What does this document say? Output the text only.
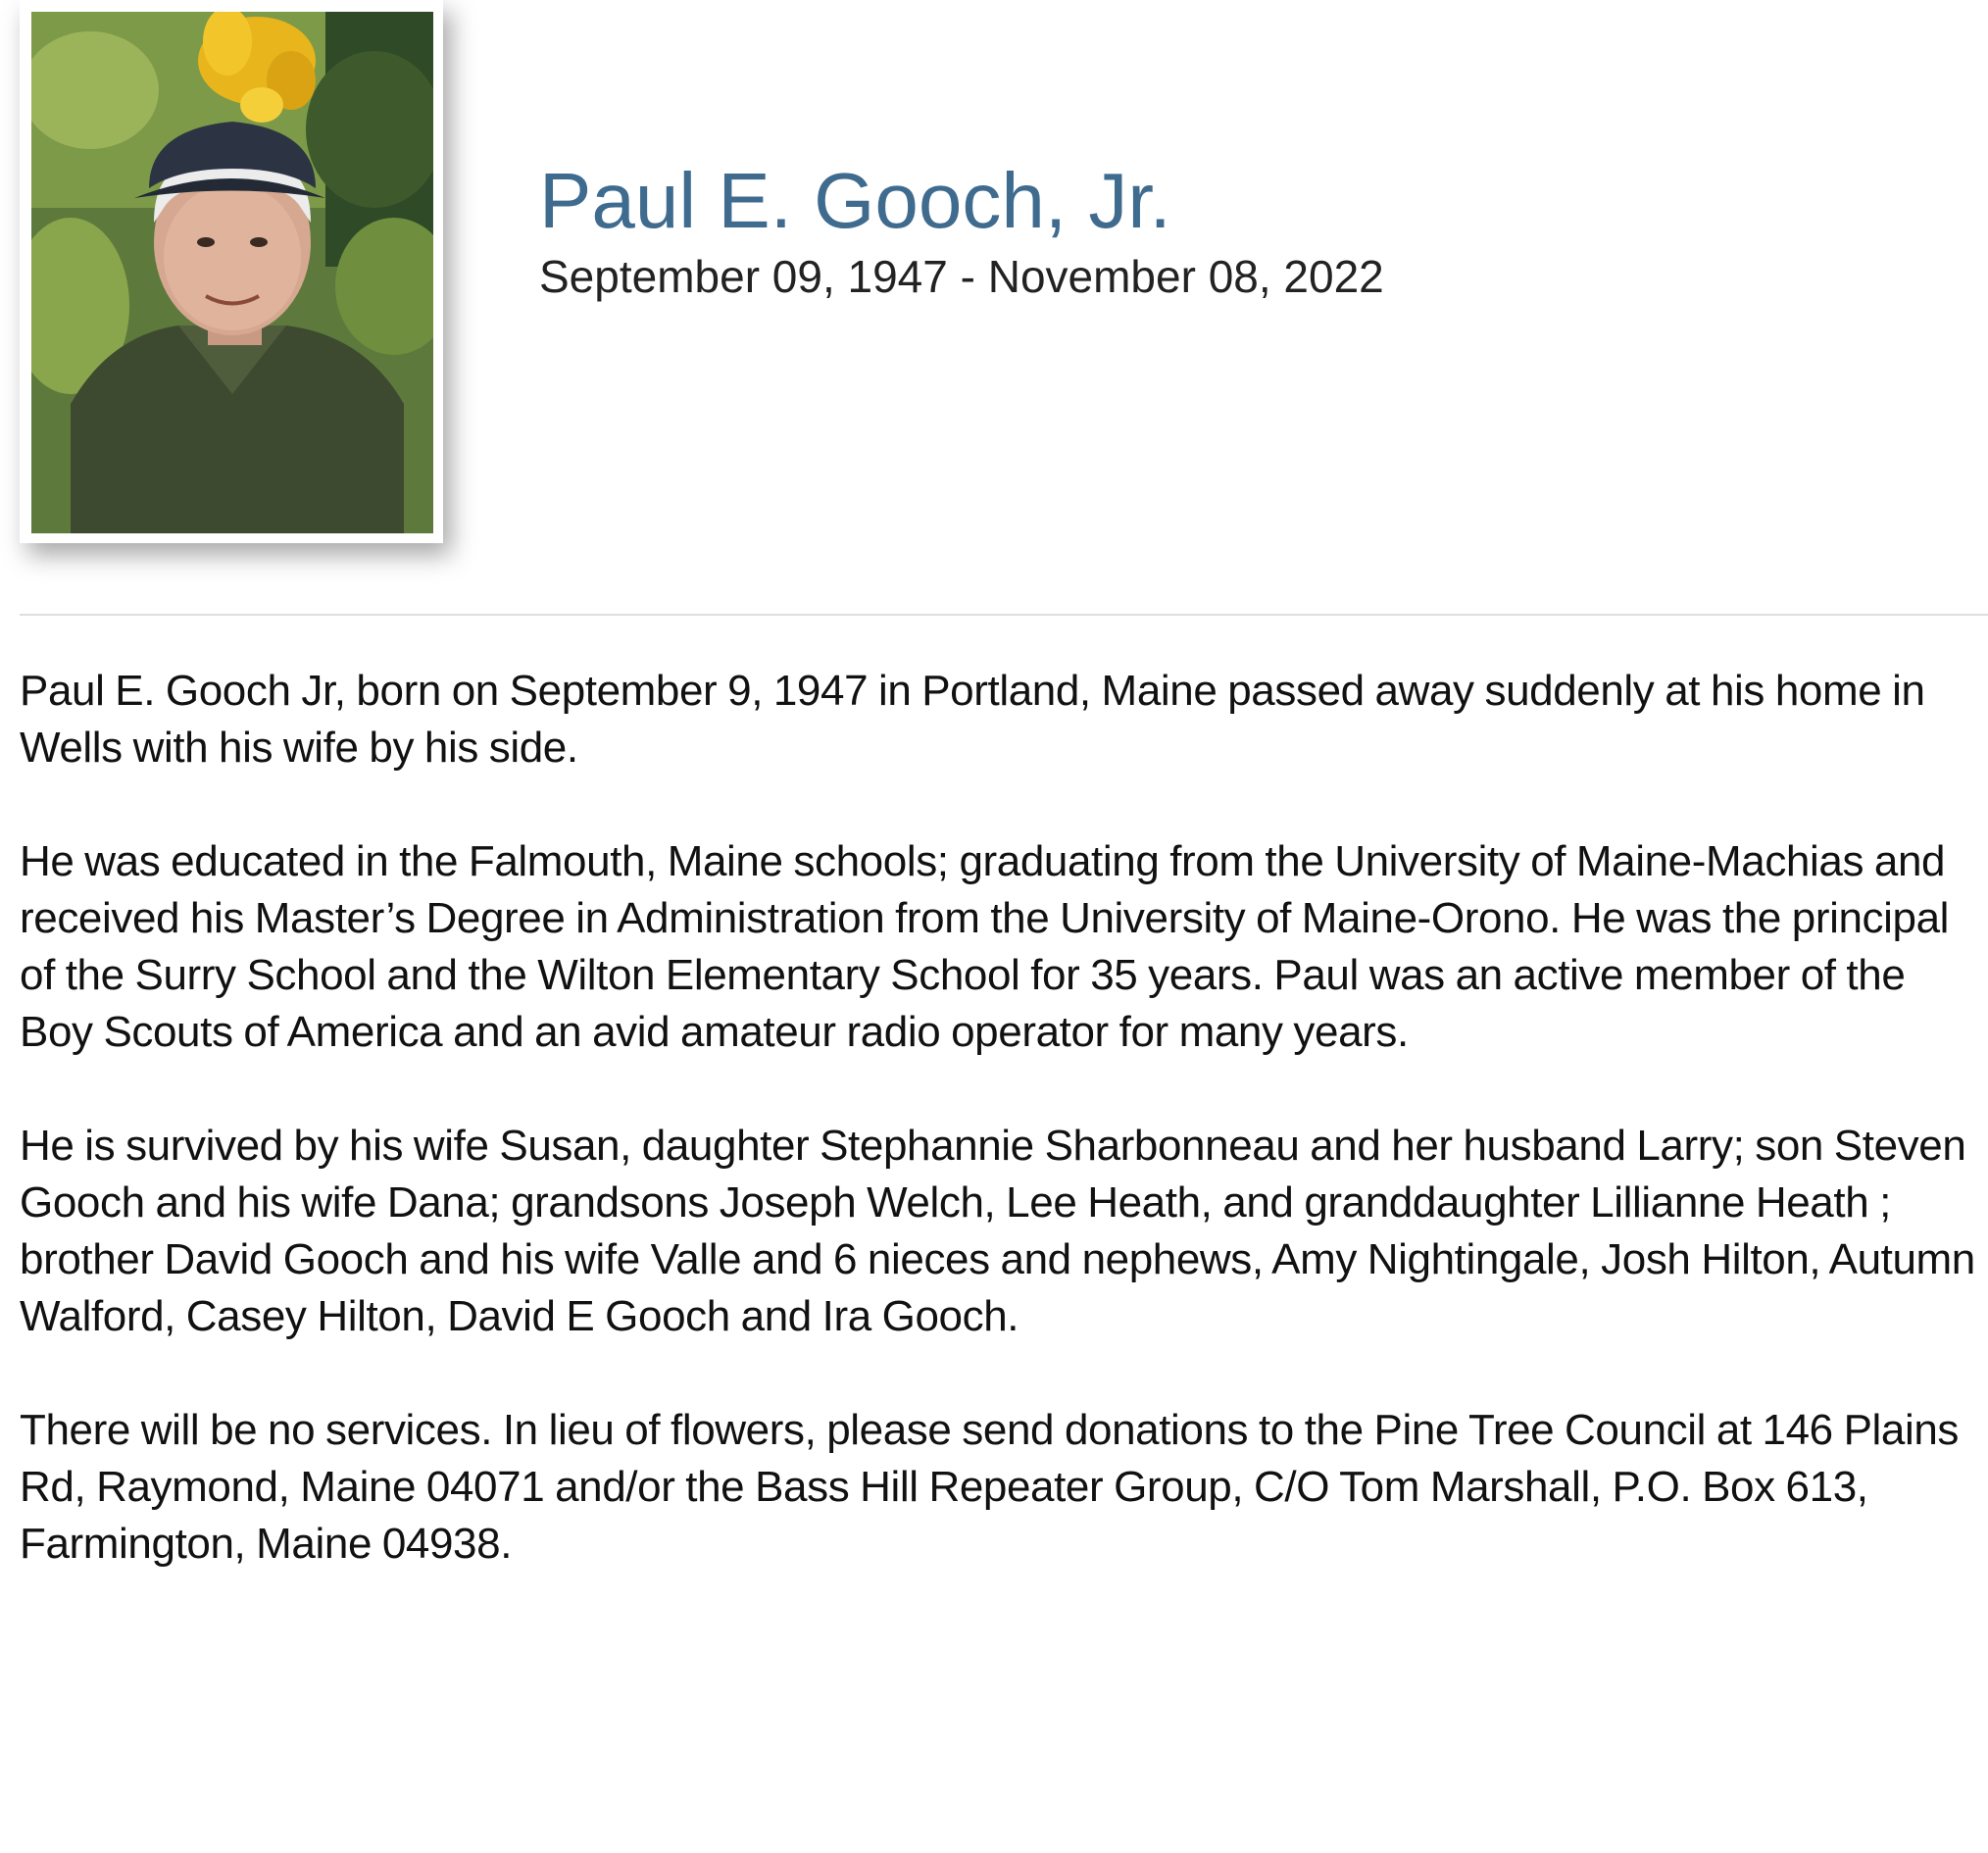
Paul E. Gooch, Jr.
September 09, 1947 - November 08, 2022

Paul E. Gooch Jr, born on September 9, 1947 in Portland, Maine passed away suddenly at his home in Wells with his wife by his side.

He was educated in the Falmouth, Maine schools; graduating from the University of Maine-Machias and received his Master’s Degree in Administration from the University of Maine-Orono. He was the principal of the Surry School and the Wilton Elementary School for 35 years. Paul was an active member of the Boy Scouts of America and an avid amateur radio operator for many years.

He is survived by his wife Susan, daughter Stephannie Sharbonneau and her husband Larry; son Steven Gooch and his wife Dana; grandsons Joseph Welch, Lee Heath, and granddaughter Lillianne Heath ; brother David Gooch and his wife Valle and 6 nieces and nephews, Amy Nightingale, Josh Hilton, Autumn Walford, Casey Hilton, David E Gooch and Ira Gooch.

There will be no services. In lieu of flowers, please send donations to the Pine Tree Council at 146 Plains Rd, Raymond, Maine 04071 and/or the Bass Hill Repeater Group, C/O Tom Marshall, P.O. Box 613, Farmington, Maine 04938.
